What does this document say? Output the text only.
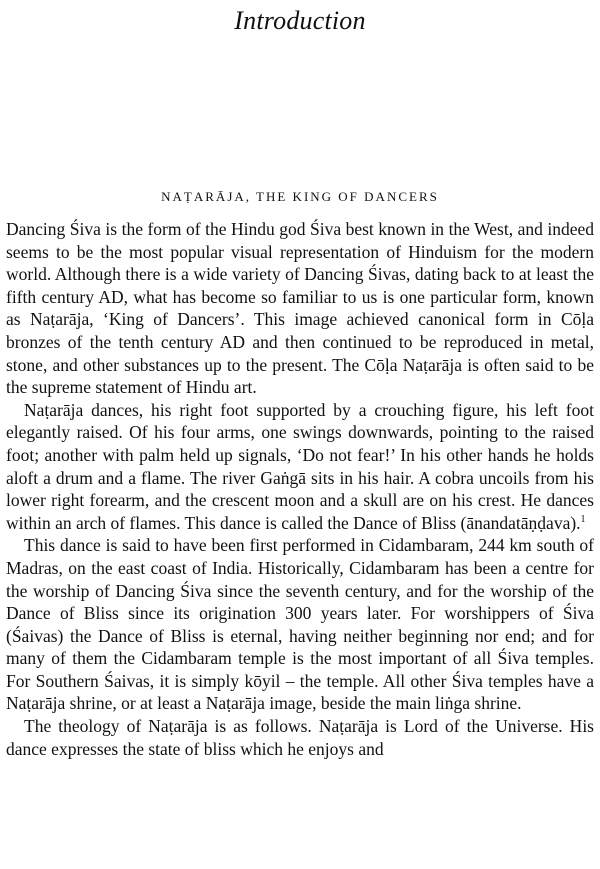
Introduction
NAṬARĀJA, THE KING OF DANCERS

Dancing Śiva is the form of the Hindu god Śiva best known in the West, and indeed seems to be the most popular visual representation of Hinduism for the modern world. Although there is a wide variety of Dancing Śivas, dating back to at least the fifth century AD, what has become so familiar to us is one particular form, known as Naṭarāja, ‘King of Dancers’. This image achieved canonical form in Cōḷa bronzes of the tenth century AD and then continued to be reproduced in metal, stone, and other substances up to the present. The Cōḷa Naṭarāja is often said to be the supreme statement of Hindu art.

Naṭarāja dances, his right foot supported by a crouching figure, his left foot elegantly raised. Of his four arms, one swings downwards, pointing to the raised foot; another with palm held up signals, ‘Do not fear!’ In his other hands he holds aloft a drum and a flame. The river Gaṅgā sits in his hair. A cobra uncoils from his lower right forearm, and the crescent moon and a skull are on his crest. He dances within an arch of flames. This dance is called the Dance of Bliss (ānandatāṇḍava).$^1$

This dance is said to have been first performed in Cidambaram, 244 km south of Madras, on the east coast of India. Historically, Cidambaram has been a centre for the worship of Dancing Śiva since the seventh century, and for the worship of the Dance of Bliss since its origination 300 years later. For worshippers of Śiva (Śaivas) the Dance of Bliss is eternal, having neither beginning nor end; and for many of them the Cidambaram temple is the most important of all Śiva temples. For Southern Śaivas, it is simply kōyil – the temple. All other Śiva temples have a Naṭarāja shrine, or at least a Naṭarāja image, beside the main liṅga shrine.

The theology of Naṭarāja is as follows. Naṭarāja is Lord of the Universe. His dance expresses the state of bliss which he enjoys and
